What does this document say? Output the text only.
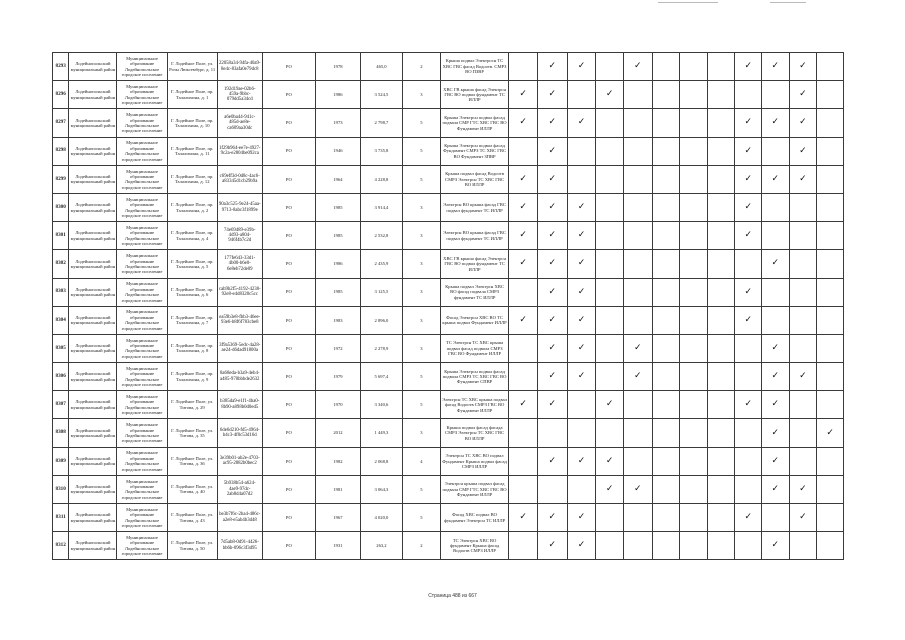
8293	Лодейнопольский муниципальный район	Муниципальное образование Лодейнопольское городское поселение	Г. Лодейное Поле, ул. Розы Люксембург, д. 11	22058a34-94fa-40a9-8e4c-83afa0e79dc8	РО	1978	465,0	2	Крыша подвал Электросн ТС ХВС ГВС фасад Водоотв. СМРЗ ВО ПЗВР		✓	✓		✓				✓	✓	✓	
8296	Лодейнопольский муниципальный район	Муниципальное образование Лодейнопольское городское поселение	Г. Лодейное Поле, пр. Талалихина, д. 1	192d19ae-02b6-459a-9bbc-079dd5a34cd	РО	1986	3 524,5	3	ХВС ГВ крыша фасад Электрсн ГВС ВО подвал фундамент ТС ИЛЛР	✓	✓		✓							✓	
8297	Лодейнопольский муниципальный район	Муниципальное образование Лодейнопольское городское поселение	Г. Лодейное Поле, пр. Талалихина, д. 10	a6e0ba44-941c-485d-ae8e-ca609aa30dc	РО	1973	2 798,7	5	Крыша Электрсн подвал фасад подвала СМР ГТС ХВС ГВС ВО Фундамент ИЛЛР	✓	✓	✓						✓	✓	✓	
8298	Лодейнопольский муниципальный район	Муниципальное образование Лодейнопольское городское поселение	Г. Лодейное Поле, пр. Талалихина, д. 11	1f29b964-ee7e-4927-9c2a-e2804be092ca	РО	1946	3 735,8	5	Крыша Электрсн подвал фасад Фундамент СМРЗ ТС ХВС ГВС ВО Фундамент ЗПВР		✓							✓		✓	
8299	Лодейнопольский муниципальный район	Муниципальное образование Лодейнопольское городское поселение	Г. Лодейное Поле, пр. Талалихина, д. 12	c69eff3d-0d8c-4ac6-a83345d1cb29b9a	РО	1964	4 228,8	5	Крыша подвал фасад Водоотв СМРЗ Электрсн ТС ХВС ГВС ВО ИЛЛР	✓	✓							✓	✓	✓	
8300	Лодейнопольский муниципальный район	Муниципальное образование Лодейнопольское городское поселение	Г. Лодейное Поле, пр. Талалихина, д. 2	90a3c525-9e24-45aa-9713-8abc3f1899e	РО	1985	3 914,4	3	Электрсн ВО крыша фасад ГВС подвал фундамент ТС ИЛЛР	✓	✓	✓						✓			
8301	Лодейнопольский муниципальный район	Муниципальное образование Лодейнопольское городское поселение	Г. Лодейное Поле, пр. Талалихина, д. 4	74e69489-e39b-4d93-a804-946f4b7c2d	РО	1985	2 532,8	3	Электрсн ВО крыша фасад ГВС подвал фундамент ТС ИЛЛР	✓	✓	✓						✓			
8302	Лодейнопольский муниципальный район	Муниципальное образование Лодейнопольское городское поселение	Г. Лодейное Поле, пр. Талалихина, д. 5	177fe643-33d1-4b00-b6e0-6e8eb72de09	РО	1986	2 435,9	3	ХВС ГВ крыша фасад Электрсн ГВС ВО подвал фундамент ТС ИЛЛР	✓	✓	✓							✓		
8303	Лодейнопольский муниципальный район	Муниципальное образование Лодейнопольское городское поселение	Г. Лодейное Поле, пр. Талалихина, д. 6	cab9b2f5-4192-4238-92e8-e4d8328c5cc	РО	1985	3 125,5	3	Крыша подвал Электрсн ХВС ВО фасад подвала СМРЗ фундамент ТС ИЛЛР		✓	✓						✓			
8304	Лодейнопольский муниципальный район	Муниципальное образование Лодейнопольское городское поселение	Г. Лодейное Поле, пр. Талалихина, д. 7	ea59b3e8-fbb3-46ee-93e6-b8f6f783cbe8	РО	1983	2 896,0	3	Фасад Электрсн ХВС ВО ТС крыша подвал Фундамент ИЛЛР	✓	✓	✓						✓			
8305	Лодейнопольский муниципальный район	Муниципальное образование Лодейнопольское городское поселение	Г. Лодейное Поле, пр. Талалихина, д. 8	3f9a5369-5edc-4a28-ae24-d6dad91800a	РО	1972	2 278,9	3	ТС Электрсн ТС ХВС крыша подвал фасад подвала СМРЗ ГВС ВО Фундамент ИЛЛР		✓	✓		✓					✓		
8306	Лодейнопольский муниципальный район	Муниципальное образование Лодейнопольское городское поселение	Г. Лодейное Поле, пр. Талалихина, д. 9	8a68eda-b3a9-4eb4-a485-970bbbde2632	РО	1979	5 697,4	5	Крыша Электрсн подвал фасад подвала СМРЗ ТС ХВС ГВС ВО Фундамент СПВР		✓	✓		✓					✓	✓	
8307	Лодейнопольский муниципальный район	Муниципальное образование Лодейнопольское городское поселение	Г. Лодейное Поле, ул. Титова, д. 29	b385da9-e1f1-4ba0-8b90-a898b0d0ed5	РО	1970	3 340,6	5	Электрсн ТС ХВС крыша подвал фасад Водоотв СМРЗ ГВС ВО Фундамент ИЛЛР	✓	✓		✓					✓	✓		
8308	Лодейнопольский муниципальный район	Муниципальное образование Лодейнопольское городское поселение	Г. Лодейное Поле, ул. Титова, д. 35	6de6d210-fd5-4964-b4c3-4f0c53d16d	РО	2012	1 449,3	3	Крыша подвал фасад фасада СМРЗ Электрсн ТС ХВС ГВС ВО ИЛЛР										✓		✓
8309	Лодейнопольский муниципальный район	Муниципальное образование Лодейнопольское городское поселение	Г. Лодейное Поле, ул. Титова, д. 36	3e39b01-ab2e-4703-ac95-2882b0bec2	РО	1982	2 068,8	4	Электрсн ТС ХВС ВО подвал Фундамент Крыша подвал фасад СМРЗ ИЛЛР		✓	✓	✓						✓		
8310	Лодейнопольский муниципальный район	Муниципальное образование Лодейнопольское городское поселение	Г. Лодейное Поле, ул. Титова, д. 40	5b938b54-a624-4ae9-97dc-2ab8d4a07d2	РО	1981	3 064,3	5	Электрсн крыша подвал фасад подвала СМР ГТС ХВС ГВС ВО Фундамент ИЛЛР				✓	✓					✓	✓	
8311	Лодейнопольский муниципальный район	Муниципальное образование Лодейнопольское городское поселение	Г. Лодейное Поле, ул. Титова, д. 43	be3b7f6c-2ba4-486c-a2e8-e5ab4b3d48	РО	1967	4 020,0	5	Фасад ХВС подвал ВО фундамент Электрсн ТС ИЛЛР	✓	✓	✓						✓		✓	
8312	Лодейнопольский муниципальный район	Муниципальное образование Лодейнопольское городское поселение	Г. Лодейное Поле, ул. Титова, д. 50	7d5ab8-0d91-4426-bb6b-096c3f3d95	РО	1931	263,2	2	ТС Электрсн ХВС ВО фундамент Крыша фасад Водоотв СМРЗ ИЛЛР		✓	✓							✓		
Страница 488 из 667
